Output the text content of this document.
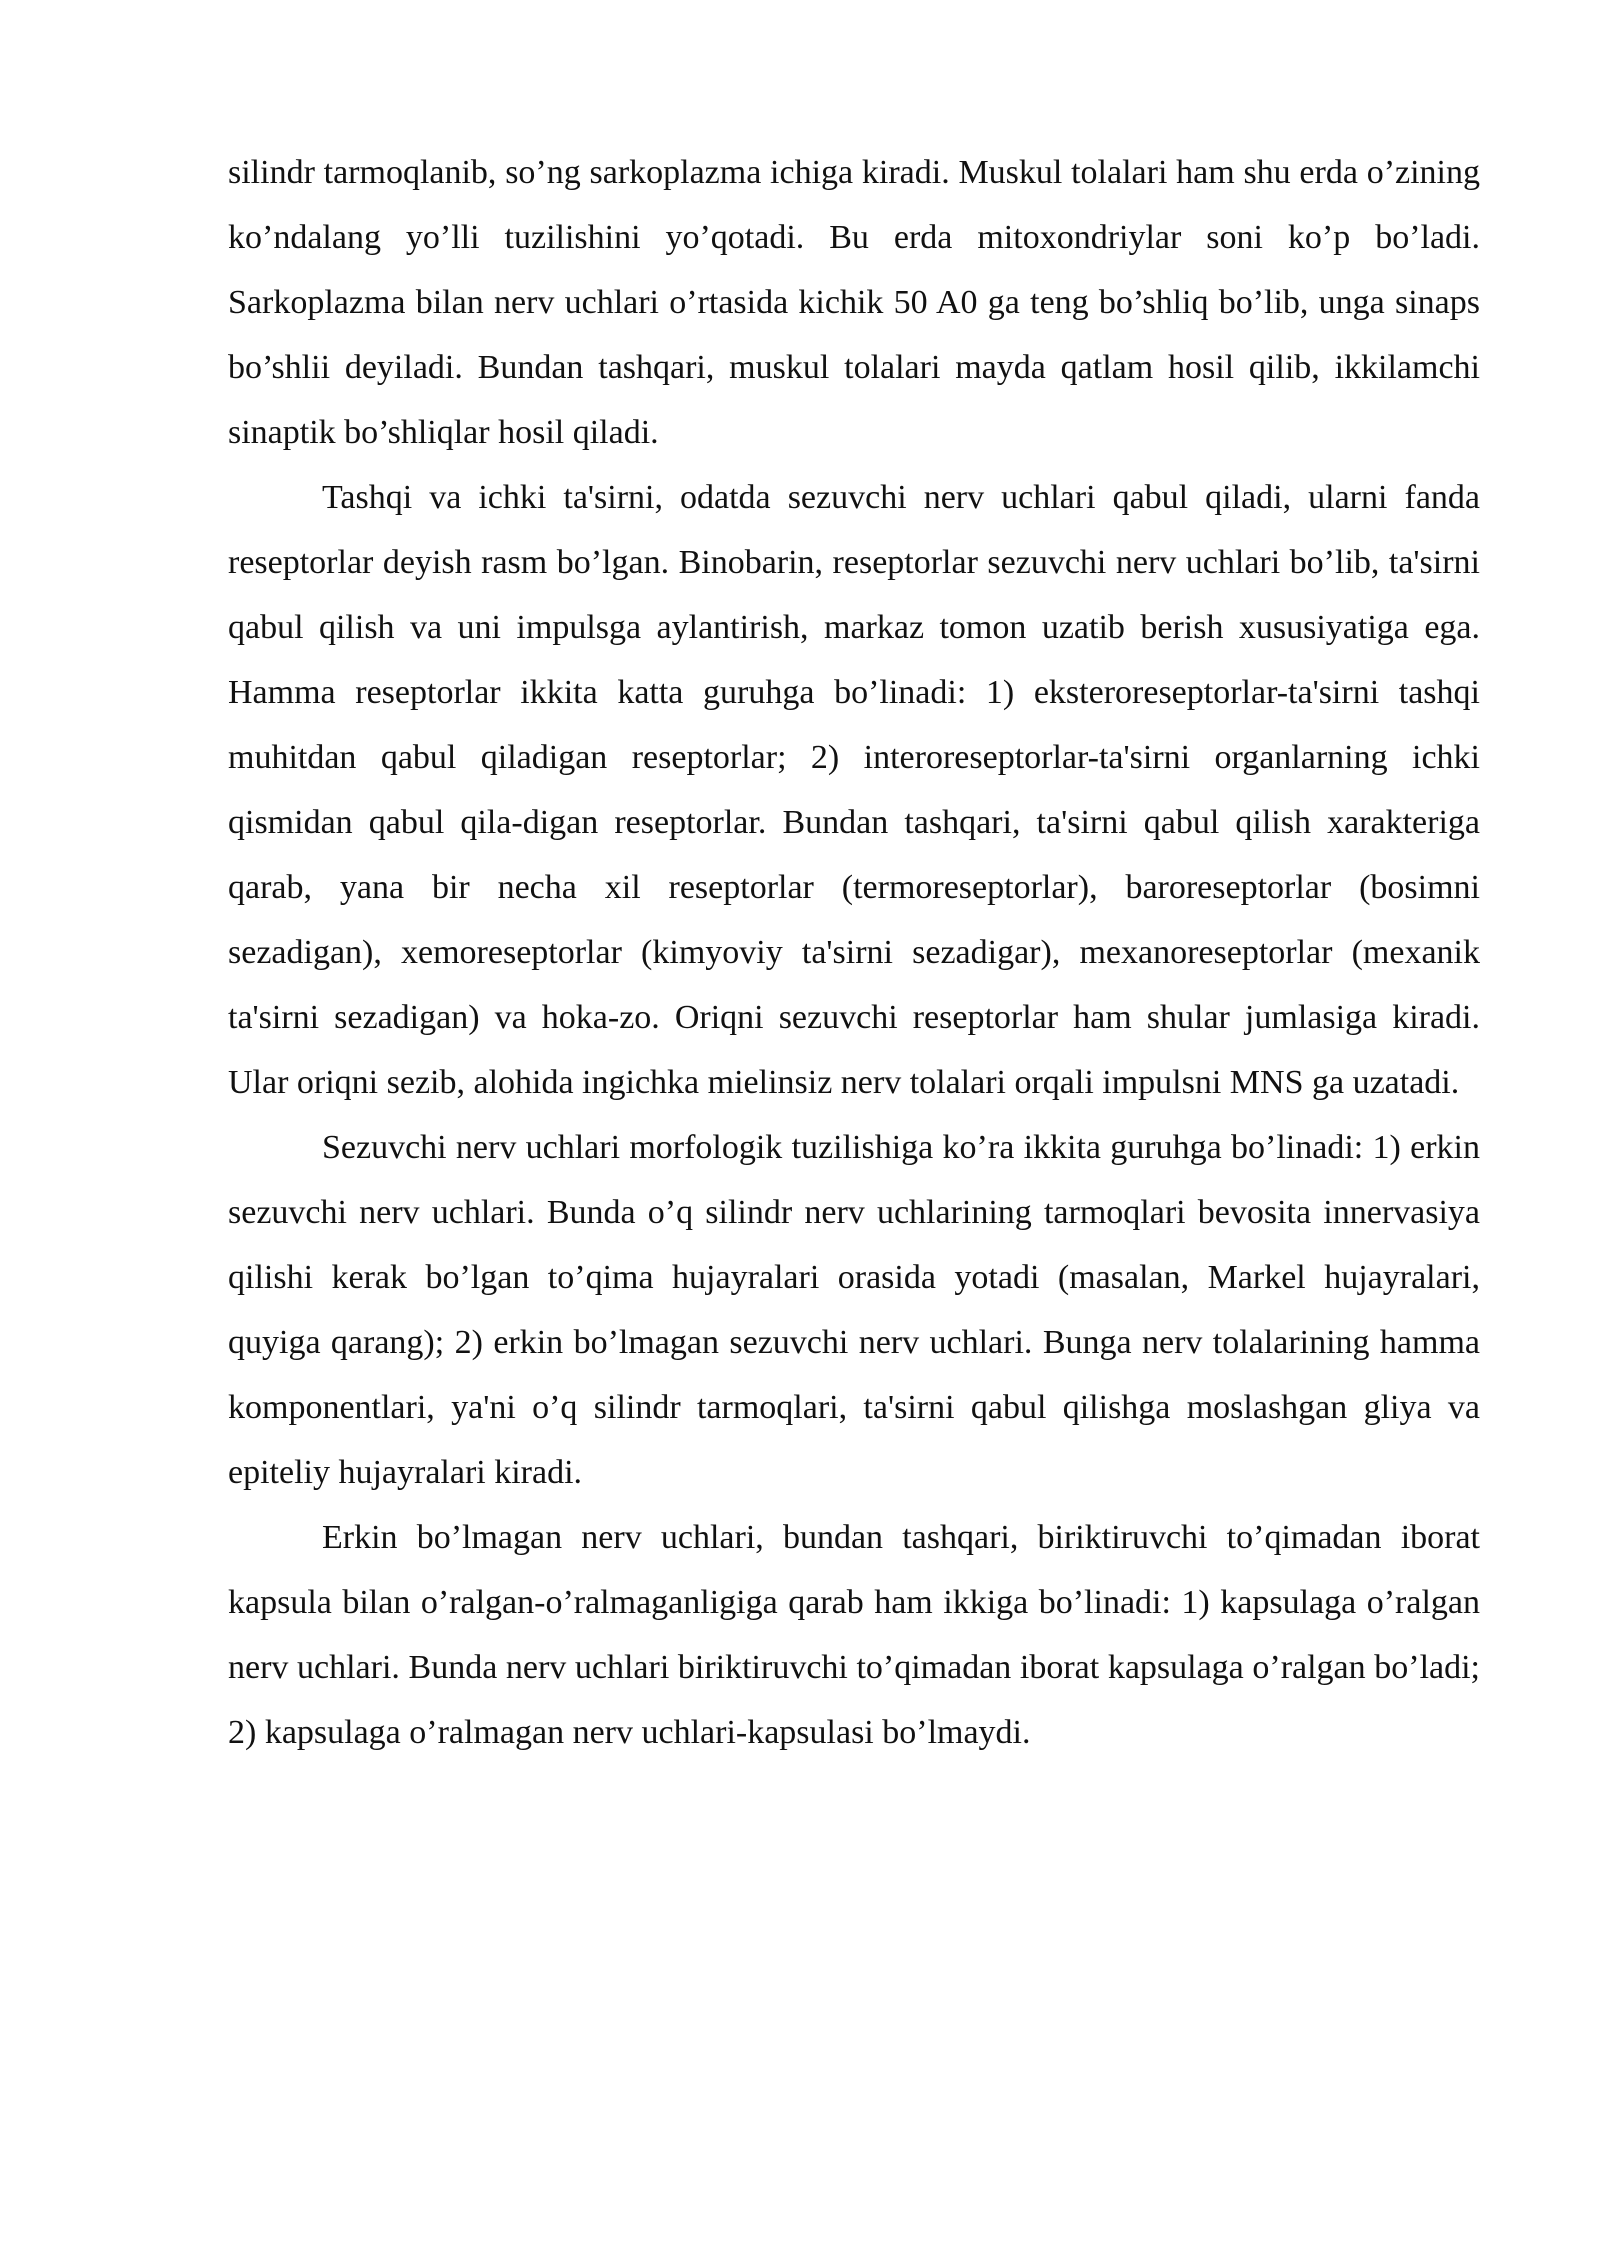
silindr tarmoqlanib, so’ng sarkoplazma ichiga kiradi. Muskul tolalari ham shu erda o’zining ko’ndalang yo’lli tuzilishini yo’qotadi. Bu erda mitoxondriylar soni ko’p bo’ladi. Sarkoplazma bilan nerv uchlari o’rtasida kichik 50 A0 ga teng bo’shliq bo’lib, unga sinaps bo’shlii deyiladi. Bundan tashqari, muskul tolalari mayda qatlam hosil qilib, ikkilamchi sinaptik bo’shliqlar hosil qiladi.

Tashqi va ichki ta'sirni, odatda sezuvchi nerv uchlari qabul qiladi, ularni fanda reseptorlar deyish rasm bo’lgan. Binobarin, reseptorlar sezuvchi nerv uchlari bo’lib, ta'sirni qabul qilish va uni impulsga aylantirish, markaz tomon uzatib berish xususiyatiga ega. Hamma reseptorlar ikkita katta guruhga bo’linadi: 1) eksteroreseptorlar-ta'sirni tashqi muhitdan qabul qiladigan reseptorlar; 2) interoreseptorlar-ta'sirni organlarning ichki qismidan qabul qila-digan reseptorlar. Bundan tashqari, ta'sirni qabul qilish xarakteriga qarab, yana bir necha xil reseptorlar (termoreseptorlar), baroreseptorlar (bosimni sezadigan), xemoreseptorlar (kimyoviy ta'sirni sezadigar), mexanoreseptorlar (mexanik ta'sirni sezadigan) va hoka-zo. Oriqni sezuvchi reseptorlar ham shular jumlasiga kiradi. Ular oriqni sezib, alohida ingichka mielinsiz nerv tolalari orqali impulsni MNS ga uzatadi.

Sezuvchi nerv uchlari morfologik tuzilishiga ko’ra ikkita guruhga bo’linadi: 1) erkin sezuvchi nerv uchlari. Bunda o’q silindr nerv uchlarining tarmoqlari bevosita innervasiya qilishi kerak bo’lgan to’qima hujayralari orasida yotadi (masalan, Markel hujayralari, quyiga qarang); 2) erkin bo’lmagan sezuvchi nerv uchlari. Bunga nerv tolalarining hamma komponentlari, ya'ni o’q silindr tarmoqlari, ta'sirni qabul qilishga moslashgan gliya va epiteliy hujayralari kiradi.

Erkin bo’lmagan nerv uchlari, bundan tashqari, biriktiruvchi to’qimadan iborat kapsula bilan o’ralgan-o’ralmaganligiga qarab ham ikkiga bo’linadi: 1) kapsulaga o’ralgan nerv uchlari. Bunda nerv uchlari biriktiruvchi to’qimadan iborat kapsulaga o’ralgan bo’ladi; 2) kapsulaga o’ralmagan nerv uchlari-kapsulasi bo’lmaydi.
